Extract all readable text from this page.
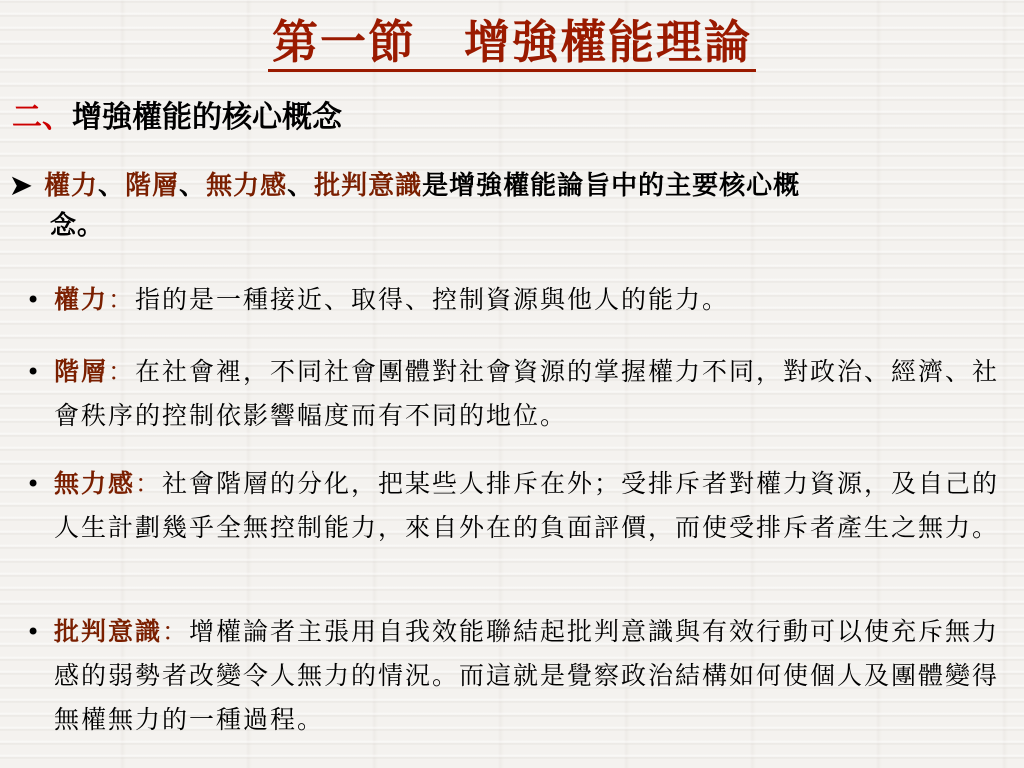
第一節　增強權能理論
二、增強權能的核心概念
➤ 權力、階層、無力感、批判意識是增強權能論旨中的主要核心概
念。
• 權力：指的是一種接近、取得、控制資源與他人的能力。
• 階層：在社會裡，不同社會團體對社會資源的掌握權力不同，對政治、經濟、社會秩序的控制依影響幅度而有不同的地位。
• 無力感：社會階層的分化，把某些人排斥在外；受排斥者對權力資源，及自己的人生計劃幾乎全無控制能力，來自外在的負面評價，而使受排斥者產生之無力。
• 批判意識：增權論者主張用自我效能聯結起批判意識與有效行動可以使充斥無力感的弱勢者改變令人無力的情況。而這就是覺察政治結構如何使個人及團體變得無權無力的一種過程。
